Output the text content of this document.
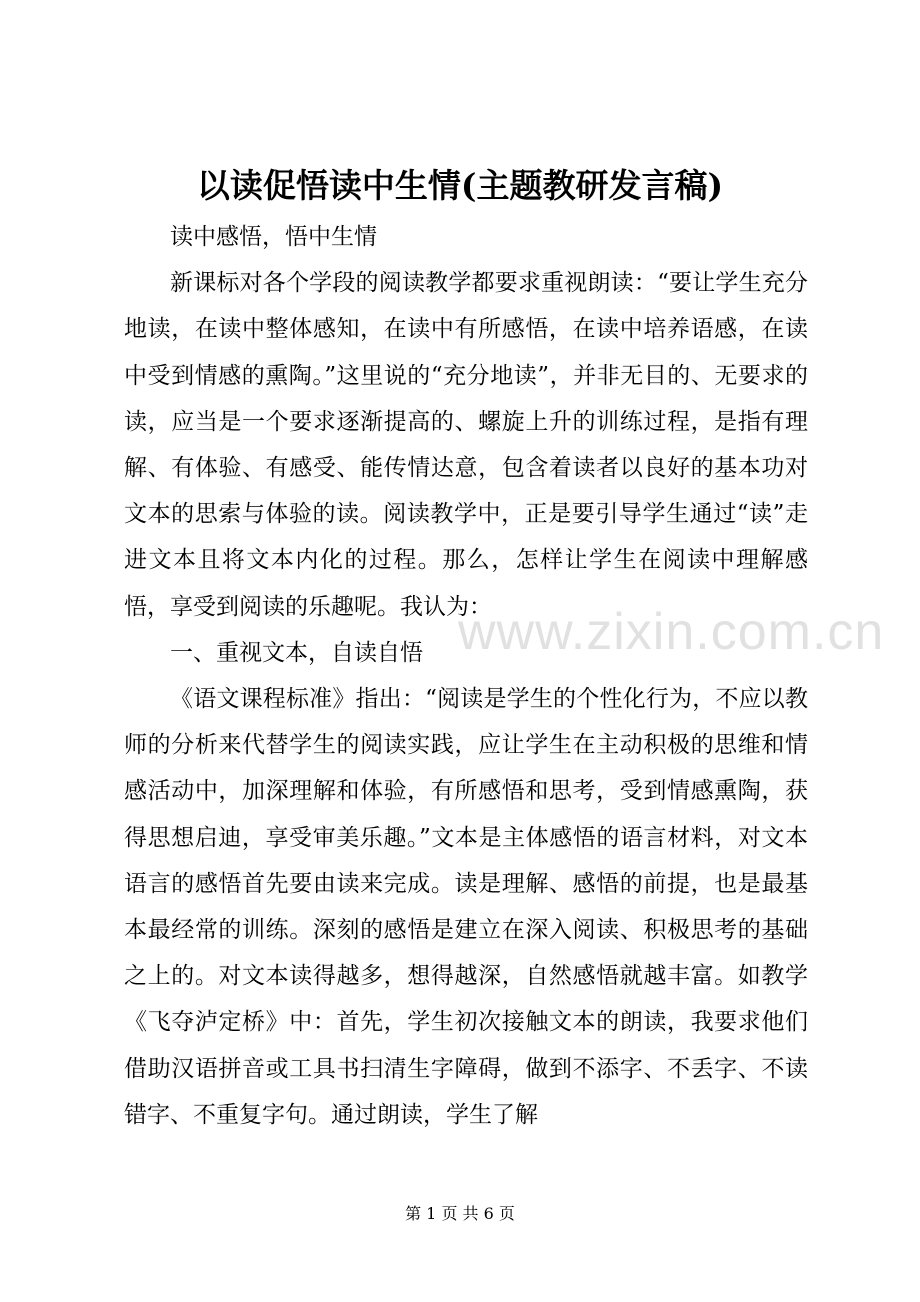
以读促悟读中生情(主题教研发言稿)

读中感悟，悟中生情

新课标对各个学段的阅读教学都要求重视朗读：“要让学生充分地读，在读中整体感知，在读中有所感悟，在读中培养语感，在读中受到情感的熏陶。”这里说的“充分地读”，并非无目的、无要求的读，应当是一个要求逐渐提高的、螺旋上升的训练过程，是指有理解、有体验、有感受、能传情达意，包含着读者以良好的基本功对文本的思索与体验的读。阅读教学中，正是要引导学生通过“读”走进文本且将文本内化的过程。那么，怎样让学生在阅读中理解感悟，享受到阅读的乐趣呢。我认为：

一、重视文本，自读自悟

《语文课程标准》指出：“阅读是学生的个性化行为，不应以教师的分析来代替学生的阅读实践，应让学生在主动积极的思维和情感活动中，加深理解和体验，有所感悟和思考，受到情感熏陶，获得思想启迪，享受审美乐趣。”文本是主体感悟的语言材料，对文本语言的感悟首先要由读来完成。读是理解、感悟的前提，也是最基本最经常的训练。深刻的感悟是建立在深入阅读、积极思考的基础之上的。对文本读得越多，想得越深，自然感悟就越丰富。如教学《飞夺泸定桥》中：首先，学生初次接触文本的朗读，我要求他们借助汉语拼音或工具书扫清生字障碍，做到不添字、不丢字、不读错字、不重复字句。通过朗读，学生了解

www.zixin.com.cn
第 1 页 共 6 页
